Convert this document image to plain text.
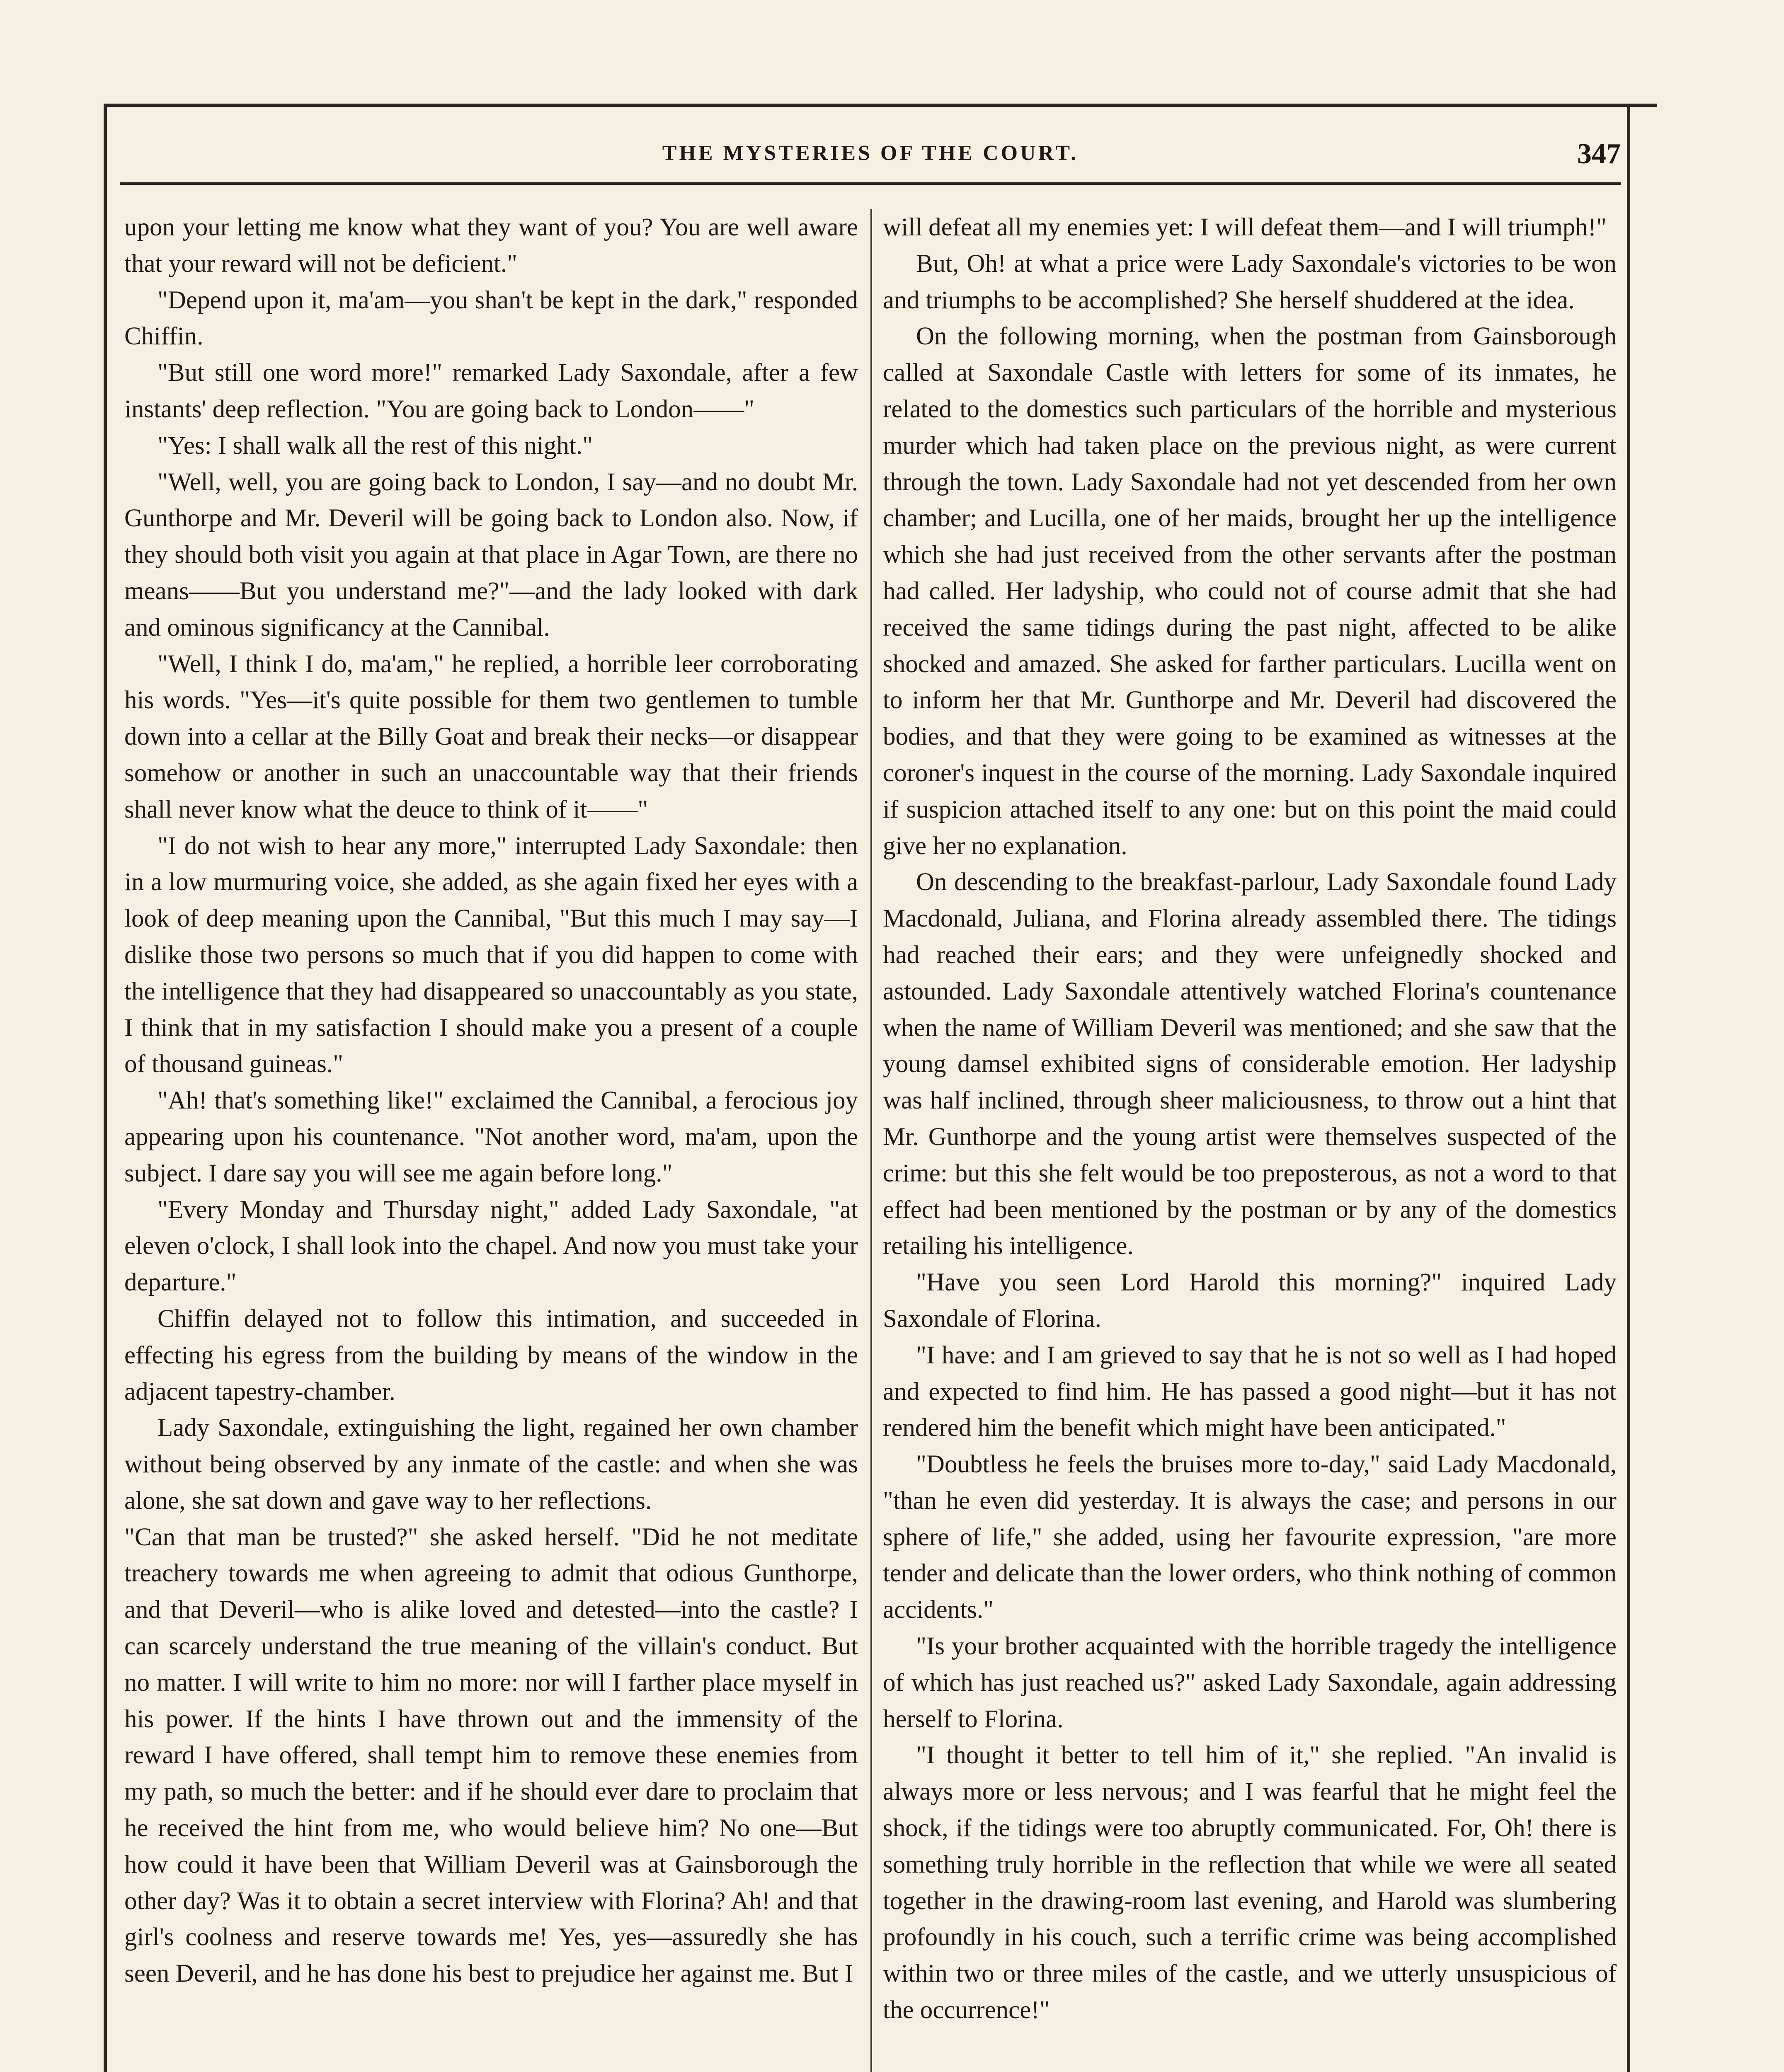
THE MYSTERIES OF THE COURT.	347

upon your letting me know what they want of you? You are well aware that your reward will not be deficient."

"Depend upon it, ma'am—you shan't be kept in the dark," responded Chiffin.

"But still one word more!" remarked Lady Saxondale, after a few instants' deep reflection. "You are going back to London——"

"Yes: I shall walk all the rest of this night."

"Well, well, you are going back to London, I say—and no doubt Mr. Gunthorpe and Mr. Deveril will be going back to London also. Now, if they should both visit you again at that place in Agar Town, are there no means——But you understand me?"—and the lady looked with dark and ominous significancy at the Cannibal.

"Well, I think I do, ma'am," he replied, a horrible leer corroborating his words. "Yes—it's quite possible for them two gentlemen to tumble down into a cellar at the Billy Goat and break their necks—or disappear somehow or another in such an unaccountable way that their friends shall never know what the deuce to think of it——"

"I do not wish to hear any more," interrupted Lady Saxondale: then in a low murmuring voice, she added, as she again fixed her eyes with a look of deep meaning upon the Cannibal, "But this much I may say—I dislike those two persons so much that if you did happen to come with the intelligence that they had disappeared so unaccountably as you state, I think that in my satisfaction I should make you a present of a couple of thousand guineas."

"Ah! that's something like!" exclaimed the Cannibal, a ferocious joy appearing upon his countenance. "Not another word, ma'am, upon the subject. I dare say you will see me again before long."

"Every Monday and Thursday night," added Lady Saxondale, "at eleven o'clock, I shall look into the chapel. And now you must take your departure."

Chiffin delayed not to follow this intimation, and succeeded in effecting his egress from the building by means of the window in the adjacent tapestry-chamber.

Lady Saxondale, extinguishing the light, regained her own chamber without being observed by any inmate of the castle: and when she was alone, she sat down and gave way to her reflections.

"Can that man be trusted?" she asked herself. "Did he not meditate treachery towards me when agreeing to admit that odious Gunthorpe, and that Deveril—who is alike loved and detested—into the castle? I can scarcely understand the true meaning of the villain's conduct. But no matter. I will write to him no more: nor will I farther place myself in his power. If the hints I have thrown out and the immensity of the reward I have offered, shall tempt him to remove these enemies from my path, so much the better: and if he should ever dare to proclaim that he received the hint from me, who would believe him? No one—But how could it have been that William Deveril was at Gainsborough the other day? Was it to obtain a secret interview with Florina? Ah! and that girl's coolness and reserve towards me! Yes, yes—assuredly she has seen Deveril, and he has done his best to prejudice her against me. But I

will defeat all my enemies yet: I will defeat them—and I will triumph!"

But, Oh! at what a price were Lady Saxondale's victories to be won and triumphs to be accomplished? She herself shuddered at the idea.

On the following morning, when the postman from Gainsborough called at Saxondale Castle with letters for some of its inmates, he related to the domestics such particulars of the horrible and mysterious murder which had taken place on the previous night, as were current through the town. Lady Saxondale had not yet descended from her own chamber; and Lucilla, one of her maids, brought her up the intelligence which she had just received from the other servants after the postman had called. Her ladyship, who could not of course admit that she had received the same tidings during the past night, affected to be alike shocked and amazed. She asked for farther particulars. Lucilla went on to inform her that Mr. Gunthorpe and Mr. Deveril had discovered the bodies, and that they were going to be examined as witnesses at the coroner's inquest in the course of the morning. Lady Saxondale inquired if suspicion attached itself to any one: but on this point the maid could give her no explanation.

On descending to the breakfast-parlour, Lady Saxondale found Lady Macdonald, Juliana, and Florina already assembled there. The tidings had reached their ears; and they were unfeignedly shocked and astounded. Lady Saxondale attentively watched Florina's countenance when the name of William Deveril was mentioned; and she saw that the young damsel exhibited signs of considerable emotion. Her ladyship was half inclined, through sheer maliciousness, to throw out a hint that Mr. Gunthorpe and the young artist were themselves suspected of the crime: but this she felt would be too preposterous, as not a word to that effect had been mentioned by the postman or by any of the domestics retailing his intelligence.

"Have you seen Lord Harold this morning?" inquired Lady Saxondale of Florina.

"I have: and I am grieved to say that he is not so well as I had hoped and expected to find him. He has passed a good night—but it has not rendered him the benefit which might have been anticipated."

"Doubtless he feels the bruises more to-day," said Lady Macdonald, "than he even did yesterday. It is always the case; and persons in our sphere of life," she added, using her favourite expression, "are more tender and delicate than the lower orders, who think nothing of common accidents."

"Is your brother acquainted with the horrible tragedy the intelligence of which has just reached us?" asked Lady Saxondale, again addressing herself to Florina.

"I thought it better to tell him of it," she replied. "An invalid is always more or less nervous; and I was fearful that he might feel the shock, if the tidings were too abruptly communicated. For, Oh! there is something truly horrible in the reflection that while we were all seated together in the drawing-room last evening, and Harold was slumbering profoundly in his couch, such a terrific crime was being accomplished within two or three miles of the castle, and we utterly unsuspicious of the occurrence!"
